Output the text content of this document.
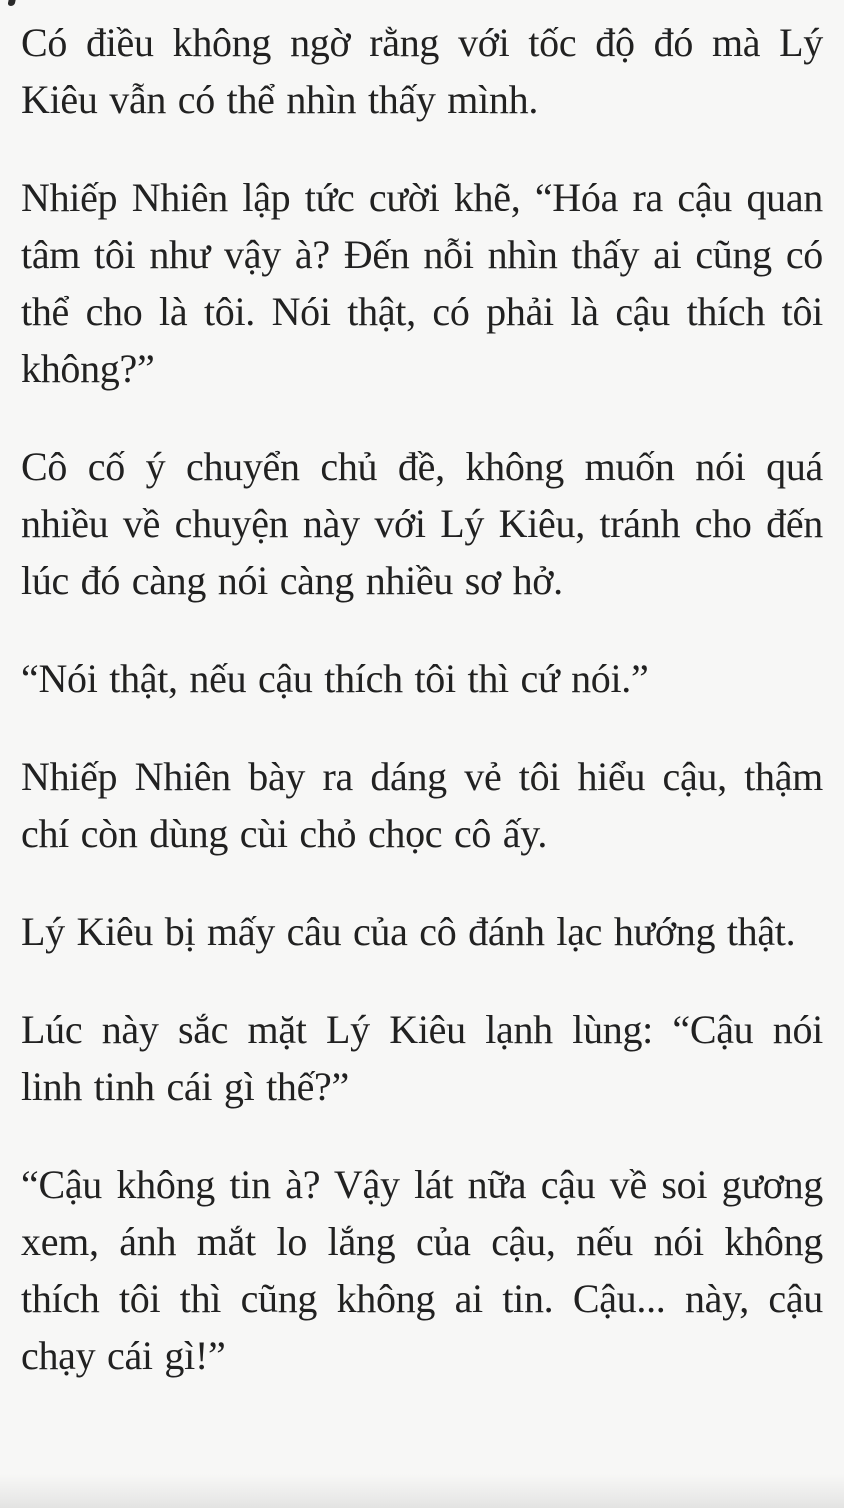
Có điều không ngờ rằng với tốc độ đó mà Lý Kiêu vẫn có thể nhìn thấy mình.

Nhiếp Nhiên lập tức cười khẽ, “Hóa ra cậu quan tâm tôi như vậy à? Đến nỗi nhìn thấy ai cũng có thể cho là tôi. Nói thật, có phải là cậu thích tôi không?”

Cô cố ý chuyển chủ đề, không muốn nói quá nhiều về chuyện này với Lý Kiêu, tránh cho đến lúc đó càng nói càng nhiều sơ hở.

“Nói thật, nếu cậu thích tôi thì cứ nói.”

Nhiếp Nhiên bày ra dáng vẻ tôi hiểu cậu, thậm chí còn dùng cùi chỏ chọc cô ấy.

Lý Kiêu bị mấy câu của cô đánh lạc hướng thật.

Lúc này sắc mặt Lý Kiêu lạnh lùng: “Cậu nói linh tinh cái gì thế?”

“Cậu không tin à? Vậy lát nữa cậu về soi gương xem, ánh mắt lo lắng của cậu, nếu nói không thích tôi thì cũng không ai tin. Cậu... này, cậu chạy cái gì!”
